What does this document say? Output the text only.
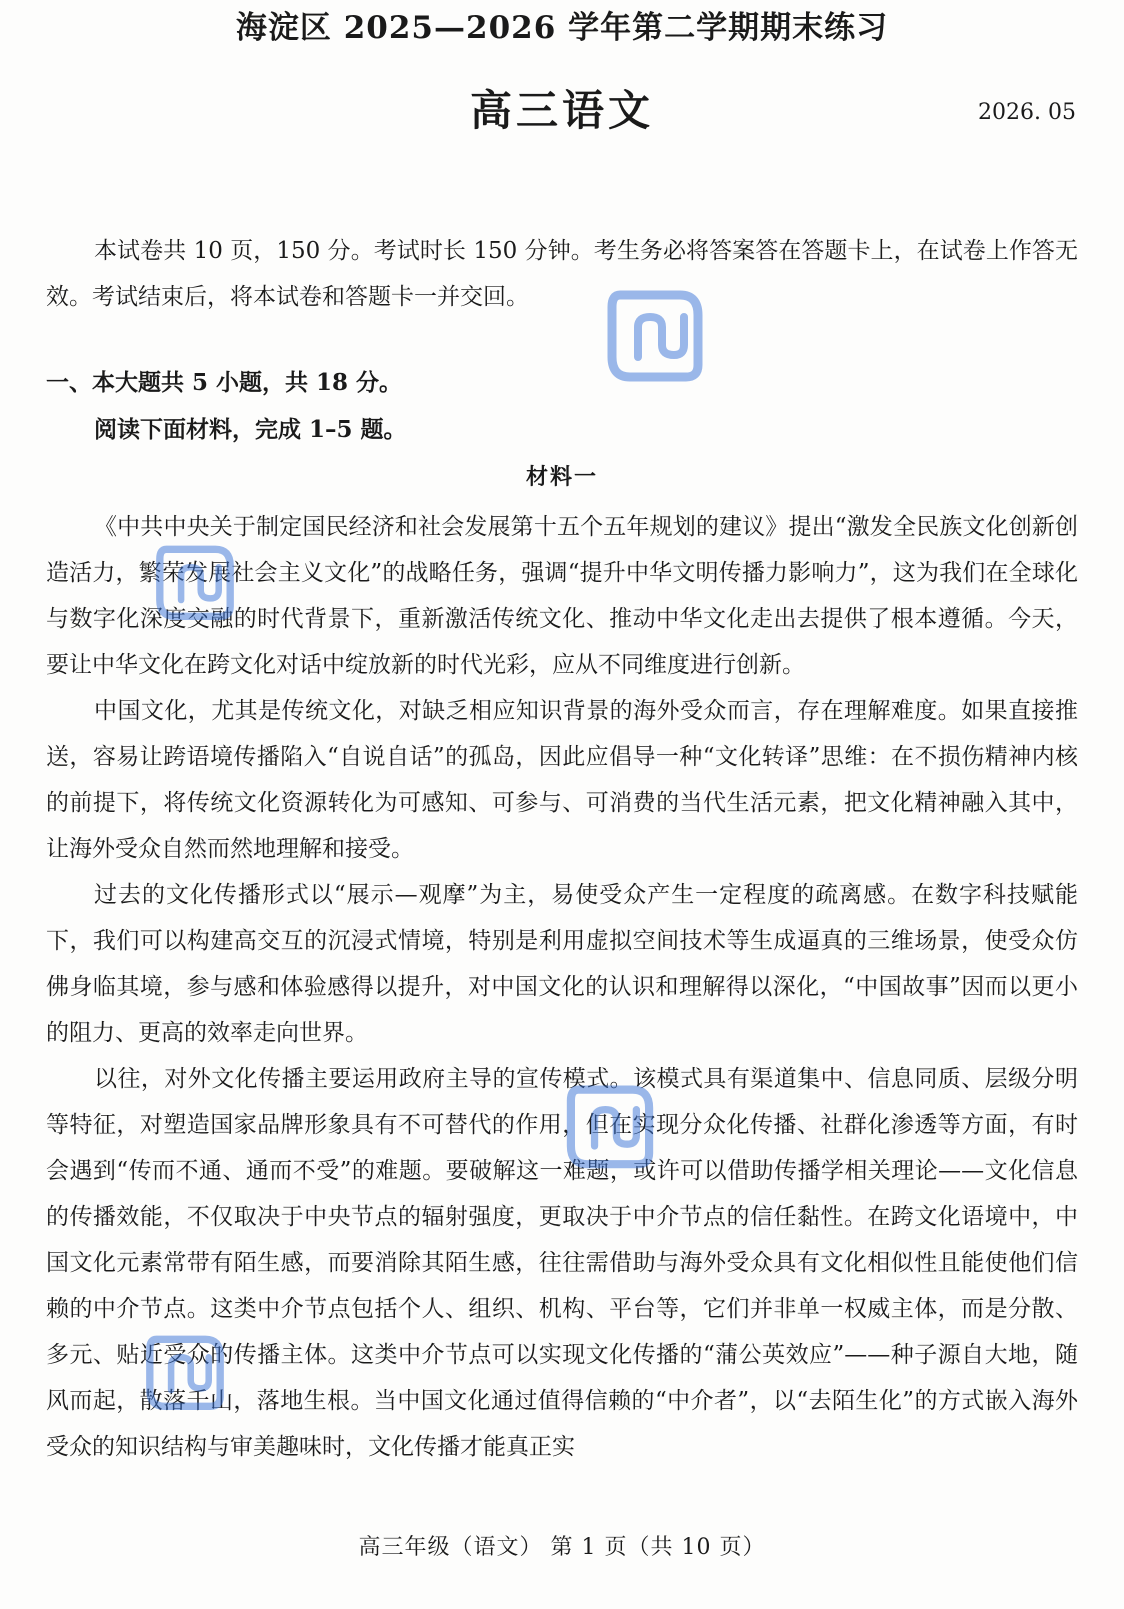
海淀区 2025—2026 学年第二学期期末练习
高三语文	2026. 05

本试卷共 10 页，150 分。考试时长 150 分钟。考生务必将答案答在答题卡上，在试卷上作答无效。考试结束后，将本试卷和答题卡一并交回。

一、本大题共 5 小题，共 18 分。
阅读下面材料，完成 1–5 题。
材料一

《中共中央关于制定国民经济和社会发展第十五个五年规划的建议》提出“激发全民族文化创新创造活力，繁荣发展社会主义文化”的战略任务，强调“提升中华文明传播力影响力”，这为我们在全球化与数字化深度交融的时代背景下，重新激活传统文化、推动中华文化走出去提供了根本遵循。今天，要让中华文化在跨文化对话中绽放新的时代光彩，应从不同维度进行创新。

中国文化，尤其是传统文化，对缺乏相应知识背景的海外受众而言，存在理解难度。如果直接推送，容易让跨语境传播陷入“自说自话”的孤岛，因此应倡导一种“文化转译”思维：在不损伤精神内核的前提下，将传统文化资源转化为可感知、可参与、可消费的当代生活元素，把文化精神融入其中，让海外受众自然而然地理解和接受。

过去的文化传播形式以“展示—观摩”为主，易使受众产生一定程度的疏离感。在数字科技赋能下，我们可以构建高交互的沉浸式情境，特别是利用虚拟空间技术等生成逼真的三维场景，使受众仿佛身临其境，参与感和体验感得以提升，对中国文化的认识和理解得以深化，“中国故事”因而以更小的阻力、更高的效率走向世界。

以往，对外文化传播主要运用政府主导的宣传模式。该模式具有渠道集中、信息同质、层级分明等特征，对塑造国家品牌形象具有不可替代的作用，但在实现分众化传播、社群化渗透等方面，有时会遇到“传而不通、通而不受”的难题。要破解这一难题，或许可以借助传播学相关理论——文化信息的传播效能，不仅取决于中央节点的辐射强度，更取决于中介节点的信任黏性。在跨文化语境中，中国文化元素常带有陌生感，而要消除其陌生感，往往需借助与海外受众具有文化相似性且能使他们信赖的中介节点。这类中介节点包括个人、组织、机构、平台等，它们并非单一权威主体，而是分散、多元、贴近受众的传播主体。这类中介节点可以实现文化传播的“蒲公英效应”——种子源自大地，随风而起，散落千山，落地生根。当中国文化通过值得信赖的“中介者”，以“去陌生化”的方式嵌入海外受众的知识结构与审美趣味时，文化传播才能真正实

高三年级（语文） 第 1 页（共 10 页）
